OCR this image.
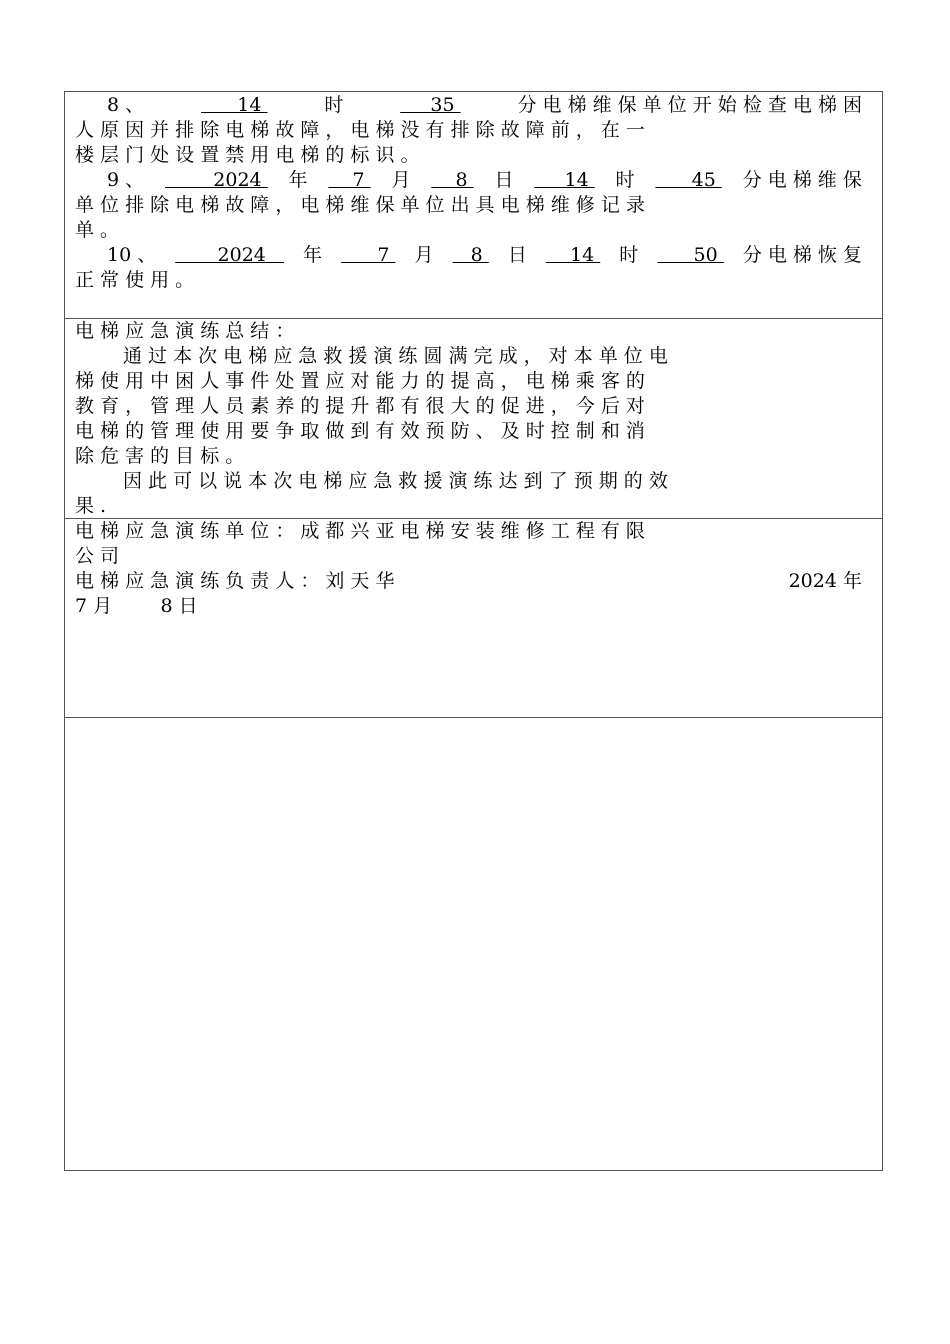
8 、	14	时	35	分 电 梯 维 保 单 位 开 始 检 查 电 梯 困
人 原 因 并 排 除 电 梯 故 障 ， 电 梯 没 有 排 除 故 障 前 ， 在 一
楼 层 门 处 设 置 禁 用 电 梯 的 标 识 。
9 、 2024 年 7 月 8 日 14 时 45 分 电 梯 维 保
单 位 排 除 电 梯 故 障 ， 电 梯 维 保 单 位 出 具 电 梯 维 修 记 录
单 。
10 、 2024 年 7 月 8 日 14 时 50 分 电 梯 恢 复
正 常 使 用 。
电 梯 应 急 演 练 总 结 ：
通 过 本 次 电 梯 应 急 救 援 演 练 圆 满 完 成 ， 对 本 单 位 电
梯 使 用 中 困 人 事 件 处 置 应 对 能 力 的 提 高 ， 电 梯 乘 客 的
教 育 ， 管 理 人 员 素 养 的 提 升 都 有 很 大 的 促 进 ， 今 后 对
电 梯 的 管 理 使 用 要 争 取 做 到 有 效 预 防 、 及 时 控 制 和 消
除 危 害 的 目 标 。
因 此 可 以 说 本 次 电 梯 应 急 救 援 演 练 达 到 了 预 期 的 效
果 .
电 梯 应 急 演 练 单 位 ： 成 都 兴 亚 电 梯 安 装 维 修 工 程 有 限
公 司
电 梯 应 急 演 练 负 责 人 ： 刘 天 华	2024 年
7 月        8 日
